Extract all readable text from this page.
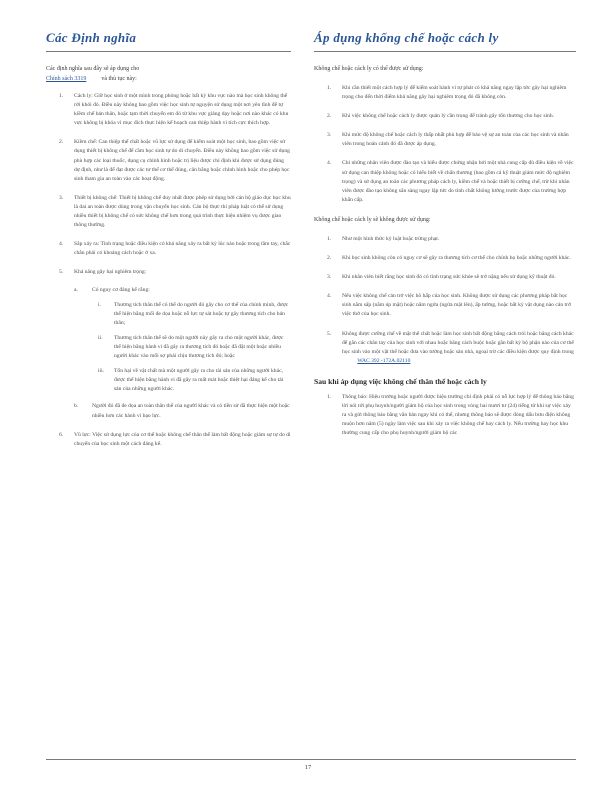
Các Định nghĩa
Các định nghĩa sau đây sẽ áp dụng cho
Chính sách 3319	và thủ tục này:
1. Cách ly: Giữ học sinh ở một mình trong phòng hoặc bất kỳ khu vực nào mà học sinh không thể rời khỏi đó. Điều này không bao gồm việc học sinh tự nguyện sử dụng một nơi yên tĩnh để tự kiềm chế bản thân, hoặc tạm thời chuyển em đó từ khu vực giảng dạy hoặc nơi nào khác có khu vực không bị khóa vì mục đích thực hiện kế hoạch can thiệp hành vi tích cực thích hợp.
2. Kiềm chế: Can thiệp thể chất hoặc vũ lực sử dụng để kiểm soát một học sinh, bao gồm việc sử dụng thiết bị không chế để cầm học sinh tự do di chuyển. Điều này không bao gồm việc sử dụng phù hợp các loại thuốc, dụng cụ chỉnh hình hoặc trị liệu được chỉ định khi được sử dụng đúng dự định, như là để đạt được các tư thế cơ thể đúng, cân bằng hoặc chỉnh hình hoặc cho phép học sinh tham gia an toàn vào các hoạt động.
3. Thiết bị không chế: Thiết bị không chế duy nhất được phép sử dụng bởi cán bộ giáo dục học khu là dai an toàn được dùng trong vận chuyển học sinh. Cán bộ thực thi pháp luật có thể sử dụng nhiều thiết bị không chế có sức không chế hơn trong quá trình thực hiện nhiệm vụ được giao thông thường.
4. Sắp xảy ra: Tình trạng hoặc điều kiện có khả năng xảy ra bất kỳ lúc nào hoặc trong tầm tay, chắc chắn phải có khoảng cách hoặc ở xa.
5. Khả năng gây hại nghiêm trọng:
a.	Có nguy cơ đáng kể rằng:
i. Thương tích thân thể có thể do người đó gây cho cơ thể của chính mình, được thể hiện bằng mối đe dọa hoặc nỗ lực tự sát hoặc tự gây thương tích cho bản thân;
ii. Thương tích thân thể sẽ do một người này gây ra cho một người khác, được thể hiện bằng hành vi đã gây ra thương tích đó hoặc đã đặt một hoặc nhiều người khác vào mối sợ phải chịu thương tích đó; hoặc
iii. Tổn hại về vật chất mà một người gây ra cho tài sản của những người khác, được thể hiện bằng hành vi đã gây ra mất mát hoặc thiệt hại đáng kể cho tài sản của những người khác.
b. Người đó đã đe dọa an toàn thân thể của người khác và có tiền sử đã thực hiện một hoặc nhiều hơn các hành vi bạo lực.
6. Vũ lực: Việc sử dụng lực của cơ thể hoặc không chế thân thể làm bất động hoặc giảm sự tự do di chuyển của học sinh một cách đáng kể.
Áp dụng khống chế hoặc cách ly

Không chế hoặc cách ly có thể được sử dụng:

1. Khi cần thiết một cách hợp lý để kiểm soát hành vi tự phát có khả năng ngay lập tức gây hại nghiêm trọng cho đến thời điểm khả năng gây hại nghiêm trọng đó đã không còn.
2. Khi việc không chế hoặc cách ly được quản lý cần trọng để tránh gây tổn thương cho học sinh.
3. Khi mức độ không chế hoặc cách ly thấp nhất phù hợp để bảo vệ sự an toàn của các học sinh và nhân viên trong hoàn cảnh đó đã được áp dụng.
4. Chỉ những nhân viên được đào tạo và hiểu được chứng nhận bởi một nhà cung cấp đủ điều kiện về việc sử dụng can thiệp không hoặc có hiểu biết về chấn thương (bao gồm cả kỹ thuật giảm mức độ nghiêm trọng) và sử dụng an toàn các phương pháp cách ly, kiềm chế và hoặc thiết bị cưỡng chế, trừ khi nhân viên được đào tạo không sẵn sàng ngay lập tức do tình chất không lường trước được của trường hợp khẩn cấp.

Không chế hoặc cách ly sẽ không được sử dụng:

1. Như một hình thức kỷ luật hoặc trừng phạt.
2. Khi học sinh không còn có nguy cơ sẽ gây ra thương tích cơ thể cho chính họ hoặc những người khác.
3. Khi nhân viên biết rằng học sinh đó có tình trạng sức khỏe sẽ trở nặng nếu sử dụng kỹ thuật đó.
4. Nếu việc không chế cản trở việc hô hấp của học sinh. Không được sử dụng các phương pháp bắt học sinh nằm sấp (nằm úp mặt) hoặc nằm ngửa (ngửa mặt lên), ấp tường, hoặc bất kỳ vật dụng nào cản trở việc thở của học sinh.
5. Không được cưỡng chế về mặt thể chất hoặc làm học sinh bất động bằng cách trói hoặc băng cách khác để gắn các chân tay của học sinh với nhau hoặc băng cách buộc hoặc gắn bất kỳ bộ phận nào của cơ thể học sinh vào một vật thể hoặc đưa vào tường hoặc sàn nhà, ngoại trừ các điều kiện được quy định trong  WAC 392 -172A.02110
Sau khi áp dụng việc không chế thân thể hoặc cách ly
1. Thông báo: Hiệu trưởng hoặc người được hiệu trưởng chỉ định phải có nỗ lực hợp lý để thông báo bằng lời nói tới phụ huynh/người giám hộ của học sinh trong vòng hai mươi tư (24) tiếng từ khi sự việc xảy ra và gửi thông báo bằng văn bản ngay khi có thể, nhưng thông báo sẽ được đóng dấu bưu điện không muộn hơn năm (5) ngày làm việc sau khi xảy ra việc không chế hay cách ly. Nếu trường hay học khu thường cung cấp cho phụ huynh/người giám hộ các
17
